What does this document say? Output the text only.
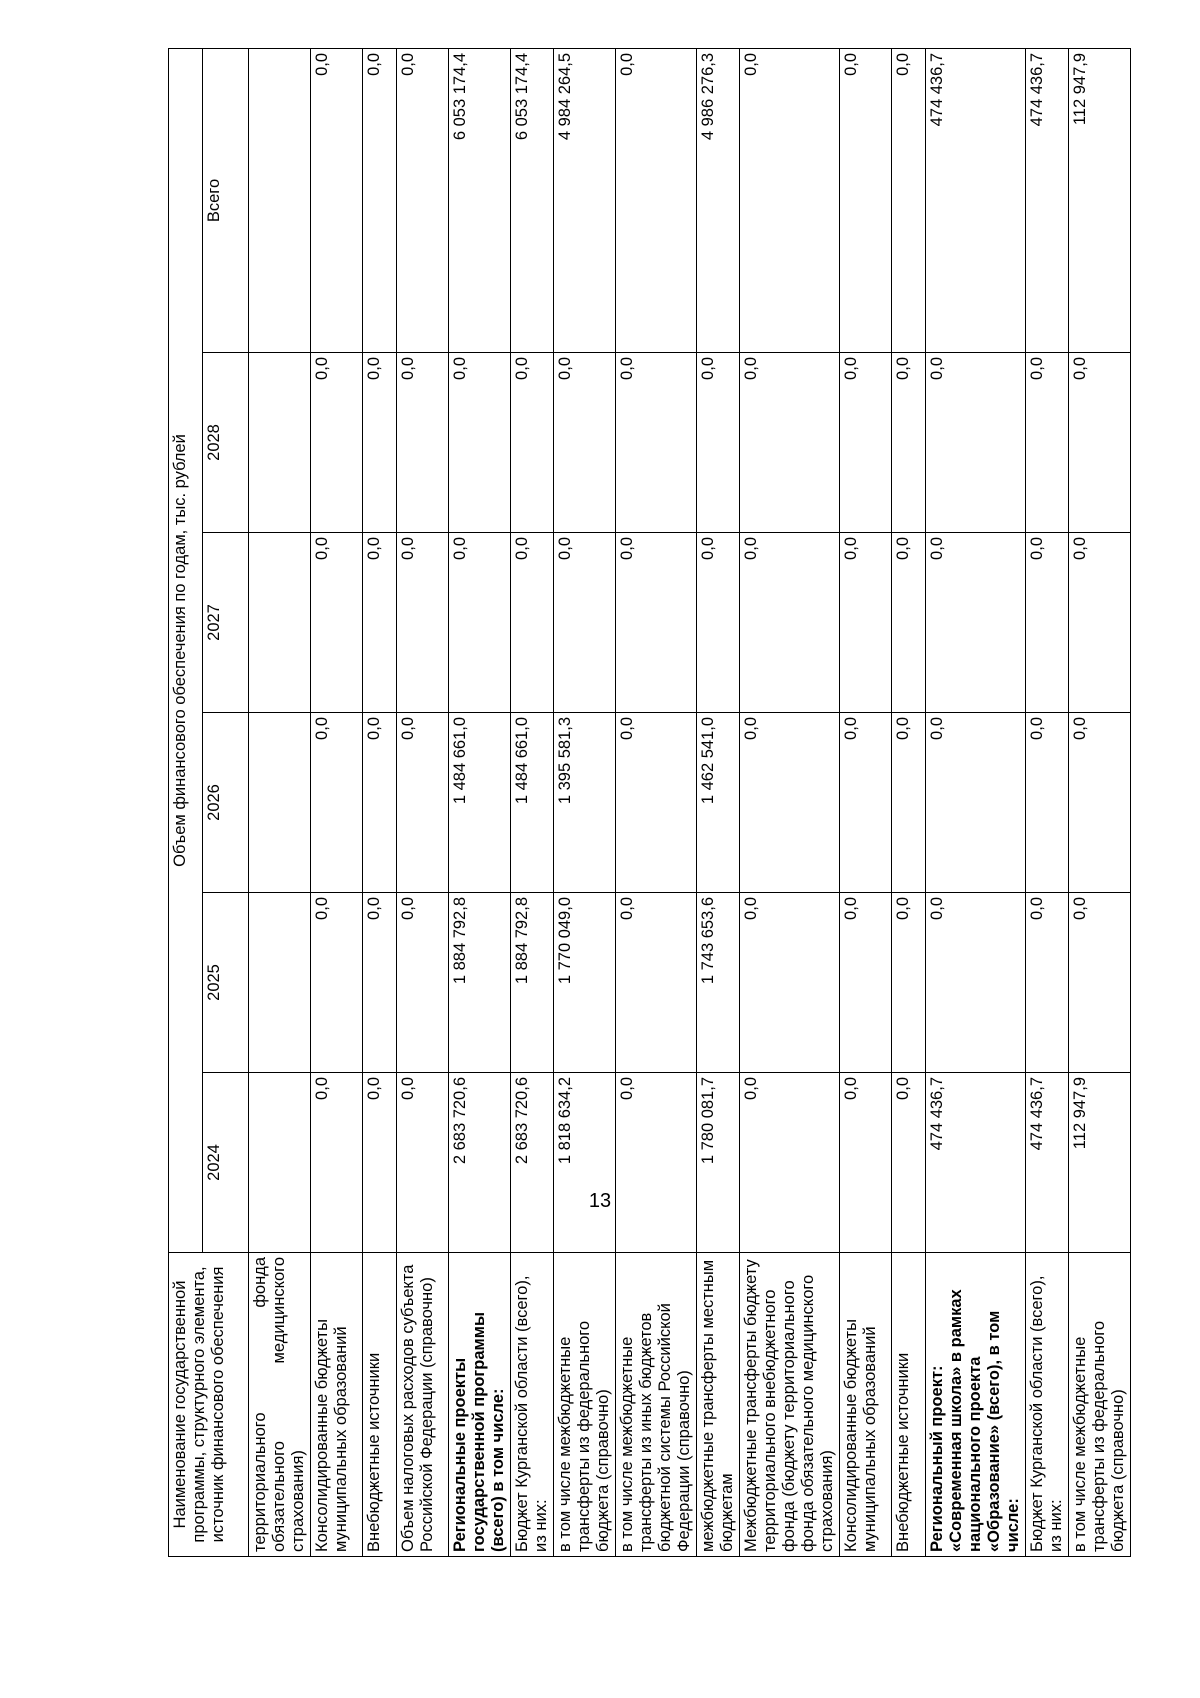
13
Наименование государственной программы, структурного элемента, источник финансового обеспечения	Объем финансового обеспечения по годам, тыс. рублей					
	2024	2025	2026	2027	2028	Всего
территориального фонда обязательного медицинского страхования)						
Консолидированные бюджеты муниципальных образований	0,0	0,0	0,0	0,0	0,0	0,0
Внебюджетные источники	0,0	0,0	0,0	0,0	0,0	0,0
Объем налоговых расходов субъекта Российской Федерации (справочно)	0,0	0,0	0,0	0,0	0,0	0,0
Региональные проекты государственной программы (всего) в том числе:	2 683 720,6	1 884 792,8	1 484 661,0	0,0	0,0	6 053 174,4
Бюджет Курганской области (всего), из них:	2 683 720,6	1 884 792,8	1 484 661,0	0,0	0,0	6 053 174,4
в том числе межбюджетные трансферты из федерального бюджета (справочно)	1 818 634,2	1 770 049,0	1 395 581,3	0,0	0,0	4 984 264,5
в том числе межбюджетные трансферты из иных бюджетов бюджетной системы Российской Федерации (справочно)	0,0	0,0	0,0	0,0	0,0	0,0
межбюджетные трансферты местным бюджетам	1 780 081,7	1 743 653,6	1 462 541,0	0,0	0,0	4 986 276,3
Межбюджетные трансферты бюджету территориального внебюджетного фонда (бюджету территориального фонда обязательного медицинского страхования)	0,0	0,0	0,0	0,0	0,0	0,0
Консолидированные бюджеты муниципальных образований	0,0	0,0	0,0	0,0	0,0	0,0
Внебюджетные источники	0,0	0,0	0,0	0,0	0,0	0,0
Региональный проект: «Современная школа» в рамках национального проекта «Образование» (всего), в том числе:	474 436,7	0,0	0,0	0,0	0,0	474 436,7
Бюджет Курганской области (всего), из них:	474 436,7	0,0	0,0	0,0	0,0	474 436,7
в том числе межбюджетные трансферты из федерального бюджета (справочно)	112 947,9	0,0	0,0	0,0	0,0	112 947,9
